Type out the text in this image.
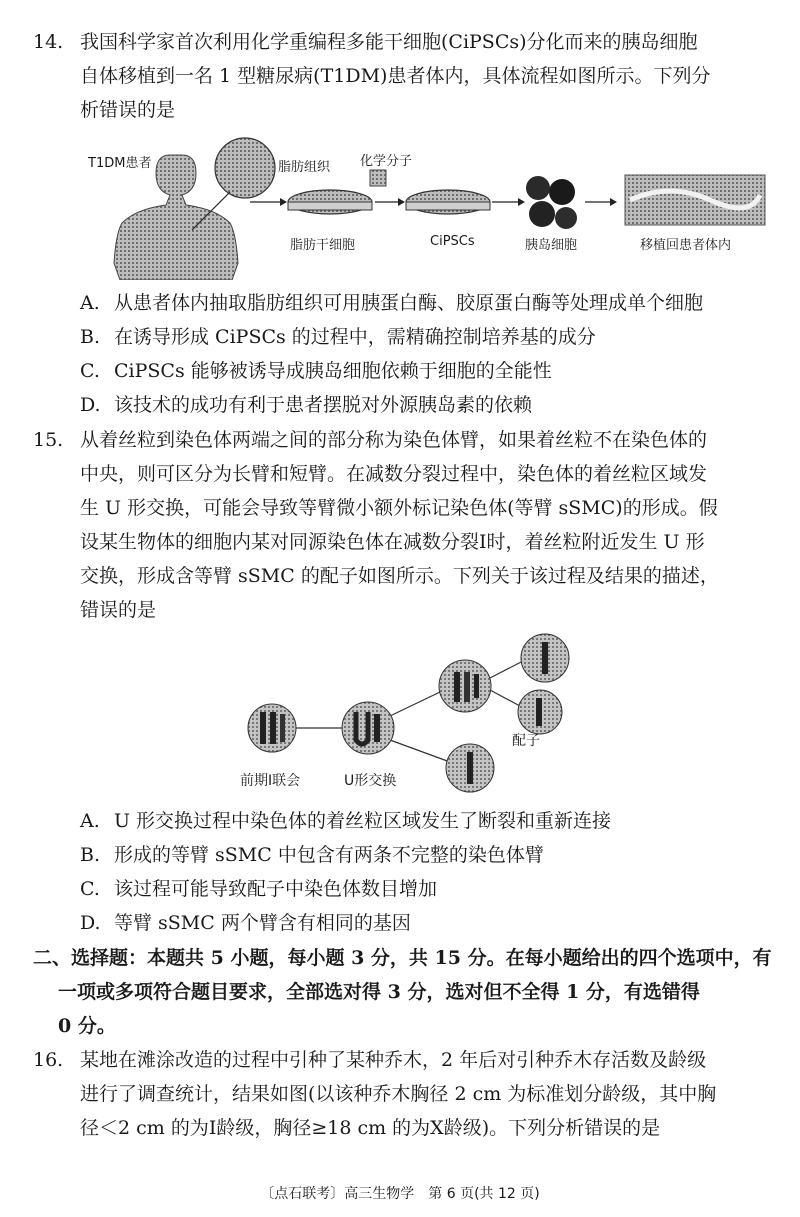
14. 我国科学家首次利用化学重编程多能干细胞(CiPSCs)分化而来的胰岛细胞
自体移植到一名 1 型糖尿病(T1DM)患者体内，具体流程如图所示。下列分
析错误的是
T1DM患者	脂肪组织 化学分子
脂肪干细胞	CiPSCs	胰岛细胞	移植回患者体内
A. 从患者体内抽取脂肪组织可用胰蛋白酶、胶原蛋白酶等处理成单个细胞
B. 在诱导形成 CiPSCs 的过程中，需精确控制培养基的成分
C. CiPSCs 能够被诱导成胰岛细胞依赖于细胞的全能性
D. 该技术的成功有利于患者摆脱对外源胰岛素的依赖
15. 从着丝粒到染色体两端之间的部分称为染色体臂，如果着丝粒不在染色体的
中央，则可区分为长臂和短臂。在减数分裂过程中，染色体的着丝粒区域发
生 U 形交换，可能会导致等臂微小额外标记染色体(等臂 sSMC)的形成。假
设某生物体的细胞内某对同源染色体在减数分裂Ⅰ时，着丝粒附近发生 U 形
交换，形成含等臂 sSMC 的配子如图所示。下列关于该过程及结果的描述，
错误的是
前期Ⅰ联会	U形交换
配子
A. U 形交换过程中染色体的着丝粒区域发生了断裂和重新连接
B. 形成的等臂 sSMC 中包含有两条不完整的染色体臂
C. 该过程可能导致配子中染色体数目增加
D. 等臂 sSMC 两个臂含有相同的基因
二、选择题：本题共 5 小题，每小题 3 分，共 15 分。在每小题给出的四个选项中，有
一项或多项符合题目要求，全部选对得 3 分，选对但不全得 1 分，有选错得
0 分。
16. 某地在滩涂改造的过程中引种了某种乔木，2 年后对引种乔木存活数及龄级
进行了调查统计，结果如图(以该种乔木胸径 2 cm 为标准划分龄级，其中胸
径＜2 cm 的为Ⅰ龄级，胸径≥18 cm 的为Ⅹ龄级)。下列分析错误的是
〔点石联考〕高三生物学　第 6 页(共 12 页)
